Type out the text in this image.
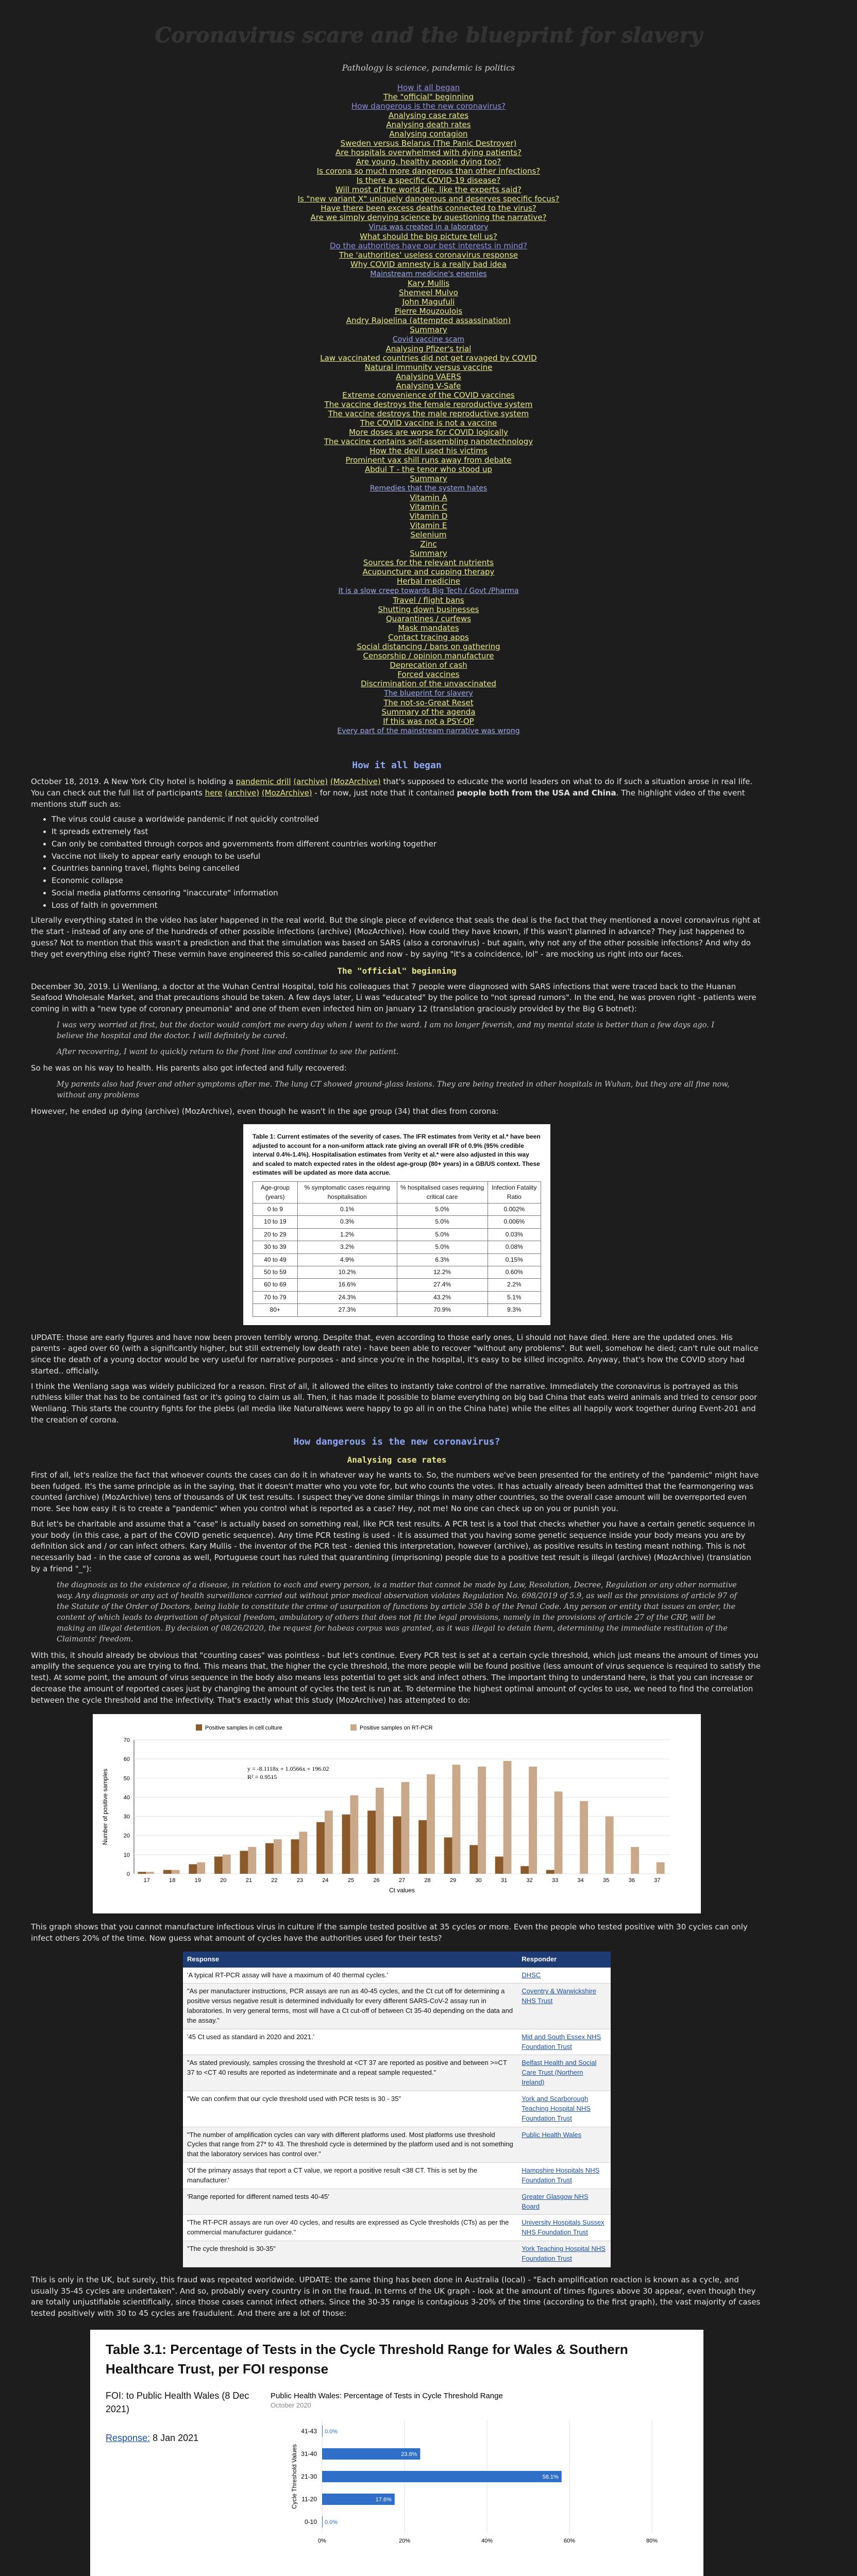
Coronavirus scare and the blueprint for slavery
Pathology is science, pandemic is politics
How it all began
The "official" beginning
How dangerous is the new coronavirus?
Analysing case rates
Analysing death rates
Analysing contagion
Sweden versus Belarus (The Panic Destroyer)
Are hospitals overwhelmed with dying patients?
Are young, healthy people dying too?
Is corona so much more dangerous than other infections?
Is there a specific COVID-19 disease?
Will most of the world die, like the experts said?
Is "new variant X" uniquely dangerous and deserves specific focus?
Have there been excess deaths connected to the virus?
Are we simply denying science by questioning the narrative?
Virus was created in a laboratory
What should the big picture tell us?
Do the authorities have our best interests in mind?
The 'authorities' useless coronavirus response
Why COVID amnesty is a really bad idea
Mainstream medicine's enemies
Kary Mullis
Shemeel Mulvo
John Magufuli
Pierre Mouzoulois
Andry Rajoelina (attempted assassination)
Summary
Covid vaccine scam
Analysing Pfizer's trial
Law vaccinated countries did not get ravaged by COVID
Natural immunity versus vaccine
Analysing VAERS
Analysing V-Safe
Extreme convenience of the COVID vaccines
The vaccine destroys the female reproductive system
The vaccine destroys the male reproductive system
The COVID vaccine is not a vaccine
More doses are worse for COVID logically
The vaccine contains self-assembling nanotechnology
How the devil used his victims
Prominent vax shill runs away from debate
Abdul T - the tenor who stood up
Summary
Remedies that the system hates
Vitamin A
Vitamin C
Vitamin D
Vitamin E
Selenium
Zinc
Summary
Sources for the relevant nutrients
Acupuncture and cupping therapy
Herbal medicine
It is a slow creep towards Big Tech / Govt /Pharma
Travel / flight bans
Shutting down businesses
Quarantines / curfews
Mask mandates
Contact tracing apps
Social distancing / bans on gathering
Censorship / opinion manufacture
Deprecation of cash
Forced vaccines
Discrimination of the unvaccinated
The blueprint for slavery
The not-so-Great Reset
Summary of the agenda
If this was not a PSY-OP
Every part of the mainstream narrative was wrong
How it all began

October 18, 2019. A New York City hotel is holding a pandemic drill (archive) (MozArchive) that's supposed to educate the world leaders on what to do if such a situation arose in real life. You can check out the full list of participants here (archive) (MozArchive) - for now, just note that it contained people both from the USA and China. The highlight video of the event mentions stuff such as:

• The virus could cause a worldwide pandemic if not quickly controlled
• It spreads extremely fast
• Can only be combatted through corpos and governments from different countries working together
• Vaccine not likely to appear early enough to be useful
• Countries banning travel, flights being cancelled
• Economic collapse
• Social media platforms censoring "inaccurate" information
• Loss of faith in government

Literally everything stated in the video has later happened in the real world. But the single piece of evidence that seals the deal is the fact that they mentioned a novel coronavirus right at the start - instead of any one of the hundreds of other possible infections (archive) (MozArchive). How could they have known, if this wasn't planned in advance? They just happened to guess? Not to mention that this wasn't a prediction and that the simulation was based on SARS (also a coronavirus) - but again, why not any of the other possible infections? And why do they get everything else right? These vermin have engineered this so-called pandemic and now - by saying "it's a coincidence, lol" - are mocking us right into our faces.

The "official" beginning

December 30, 2019. Li Wenliang, a doctor at the Wuhan Central Hospital, told his colleagues that 7 people were diagnosed with SARS infections that were traced back to the Huanan Seafood Wholesale Market, and that precautions should be taken. A few days later, Li was "educated" by the police to "not spread rumors". In the end, he was proven right - patients were coming in with a "new type of coronary pneumonia" and one of them even infected him on January 12 (translation graciously provided by the Big G botnet):

I was very worried at first, but the doctor would comfort me every day when I went to the ward. I am no longer feverish, and my mental state is better than a few days ago. I believe the hospital and the doctor. I will definitely be cured.
After recovering, I want to quickly return to the front line and continue to see the patient.

So he was on his way to health. His parents also got infected and fully recovered:

My parents also had fever and other symptoms after me. The lung CT showed ground-glass lesions. They are being treated in other hospitals in Wuhan, but they are all fine now, without any problems

However, he ended up dying (archive) (MozArchive), even though he wasn't in the age group (34) that dies from corona:

Table 1: Current estimates of the severity of cases. The IFR estimates from Verity et al.* have been adjusted to account for a non-uniform attack rate giving an overall IFR of 0.9% (95% credible interval 0.4%-1.4%). Hospitalisation estimates from Verity et al.* were also adjusted in this way and scaled to match expected rates in the oldest age-group (80+ years) in a GB/US context. These estimates will be updated as more data accrue.
Age-group (years)	% symptomatic cases requiring hospitalisation	% hospitalised cases requiring critical care	Infection Fatality Ratio
0 to 9	0.1%	5.0%	0.002%
10 to 19	0.3%	5.0%	0.006%
20 to 29	1.2%	5.0%	0.03%
30 to 39	3.2%	5.0%	0.08%
40 to 49	4.9%	6.3%	0.15%
50 to 59	10.2%	12.2%	0.60%
60 to 69	16.6%	27.4%	2.2%
70 to 79	24.3%	43.2%	5.1%
80+	27.3%	70.9%	9.3%

UPDATE: those are early figures and have now been proven terribly wrong. Despite that, even according to those early ones, Li should not have died. Here are the updated ones. His parents - aged over 60 (with a significantly higher, but still extremely low death rate) - have been able to recover "without any problems". But well, somehow he died; can't rule out malice since the death of a young doctor would be very useful for narrative purposes - and since you're in the hospital, it's easy to be killed incognito. Anyway, that's how the COVID story had started.. officially.

I think the Wenliang saga was widely publicized for a reason. First of all, it allowed the elites to instantly take control of the narrative. Immediately the coronavirus is portrayed as this ruthless killer that has to be contained fast or it's going to claim us all. Then, it has made it possible to blame everything on big bad China that eats weird animals and tried to censor poor Wenliang. This starts the country fights for the plebs (all media like NaturalNews were happy to go all in on the China hate) while the elites all happily work together during Event-201 and the creation of corona.

How dangerous is the new coronavirus?
Analysing case rates

First of all, let's realize the fact that whoever counts the cases can do it in whatever way he wants to. So, the numbers we've been presented for the entirety of the "pandemic" might have been fudged. It's the same principle as in the saying, that it doesn't matter who you vote for, but who counts the votes. It has actually already been admitted that the fearmongering was counted (archive) (MozArchive) tens of thousands of UK test results. I suspect they've done similar things in many other countries, so the overall case amount will be overreported even more. See how easy it is to create a "pandemic" when you control what is reported as a case? Hey, not me! No one can check up on you or punish you.

But let's be charitable and assume that a "case" is actually based on something real, like PCR test results. A PCR test is a tool that checks whether you have a certain genetic sequence in your body (in this case, a part of the COVID genetic sequence). Any time PCR testing is used - it is assumed that you having some genetic sequence inside your body means you are by definition sick and / or can infect others. Kary Mullis - the inventor of the PCR test - denied this interpretation, however (archive), as positive results in testing meant nothing. This is not necessarily bad - in the case of corona as well, Portuguese court has ruled that quarantining (imprisoning) people due to a positive test result is illegal (archive) (MozArchive) (translation by a friend "_"):

the diagnosis as to the existence of a disease, in relation to each and every person, is a matter that cannot be made by Law, Resolution, Decree, Regulation or any other normative way. Any diagnosis or any act of health surveillance carried out without prior medical observation violates Regulation No. 698/2019 of 5.9, as well as the provisions of article 97 of the Statute of the Order of Doctors, being liable to constitute the crime of usurpation of functions by article 358 b of the Penal Code. Any person or entity that issues an order, the content of which leads to deprivation of physical freedom, ambulatory of others that does not fit the legal provisions, namely in the provisions of article 27 of the CRP, will be making an illegal detention. By decision of 08/26/2020, the request for habeas corpus was granted, as it was illegal to detain them, determining the immediate restitution of the Claimants' freedom.

With this, it should already be obvious that "counting cases" was pointless - but let's continue. Every PCR test is set at a certain cycle threshold, which just means the amount of times you amplify the sequence you are trying to find. This means that, the higher the cycle threshold, the more people will be found positive (less amount of virus sequence is required to satisfy the test). At some point, the amount of virus sequence in the body also means less potential to get sick and infect others. The important thing to understand here, is that you can increase or decrease the amount of reported cases just by changing the amount of cycles the test is run at. To determine the highest optimal amount of cycles to use, we need to find the correlation between the cycle threshold and the infectivity. That's exactly what this study (MozArchive) has attempted to do:

0
10
20
30
40
50
60
70
17	18	19	20	21	22	23	24	25	26	27	28	29	30	31	32	33	34	35	36	37
Ct values
Number of positive samples
Positive samples in cell culture	Positive samples on RT-PCR
y = -8.1118x + 1.0566x + 196.02
R² = 0.9515

This graph shows that you cannot manufacture infectious virus in culture if the sample tested positive at 35 cycles or more. Even the people who tested positive with 30 cycles can only infect others 20% of the time. Now guess what amount of cycles have the authorities used for their tests?

Response	Responder
'A typical RT-PCR assay will have a maximum of 40 thermal cycles.'	DHSC
"As per manufacturer instructions, PCR assays are run as 40-45 cycles, and the Ct cut off for determining a positive versus negative result is determined individually for every different SARS-CoV-2 assay run in laboratories. In very general terms, most will have a Ct cut-off of between Ct 35-40 depending on the data and the assay."	Coventry & Warwickshire NHS Trust
'45 Ct used as standard in 2020 and 2021.'	Mid and South Essex NHS Foundation Trust
"As stated previously, samples crossing the threshold at <CT 37 are reported as positive and between >=CT 37 to <CT 40 results are reported as indeterminate and a repeat sample requested."	Belfast Health and Social Care Trust (Northern Ireland)
"We can confirm that our cycle threshold used with PCR tests is 30 - 35"	York and Scarborough Teaching Hospital NHS Foundation Trust
"The number of amplification cycles can vary with different platforms used. Most platforms use threshold Cycles that range from 27* to 43. The threshold cycle is determined by the platform used and is not something that the laboratory services has control over."	Public Health Wales
'Of the primary assays that report a CT value, we report a positive result <38 CT. This is set by the manufacturer.'	Hampshire Hospitals NHS Foundation Trust
'Range reported for different named tests 40-45'	Greater Glasgow NHS Board
"The RT-PCR assays are run over 40 cycles, and results are expressed as Cycle thresholds (CTs) as per the commercial manufacturer guidance."	University Hospitals Sussex NHS Foundation Trust
"The cycle threshold is 30-35"	York Teaching Hospital NHS Foundation Trust

This is only in the UK, but surely, this fraud was repeated worldwide. UPDATE: the same thing has been done in Australia (local) - "Each amplification reaction is known as a cycle, and usually 35-45 cycles are undertaken". And so, probably every country is in on the fraud. In terms of the UK graph - look at the amount of times figures above 30 appear, even though they are totally unjustifiable scientifically, since those cases cannot infect others. Since the 30-35 range is contagious 3-20% of the time (according to the first graph), the vast majority of cases tested positively with 30 to 45 cycles are fraudulent. And there are a lot of those:

Table 3.1: Percentage of Tests in the Cycle Threshold Range for Wales & Southern Healthcare Trust, per FOI response
FOI: to Public Health Wales (8 Dec 2021)
Response: 8 Jan 2021
Public Health Wales: Percentage of Tests in Cycle Threshold Range
October 2020
0%	20%	40%	60%	80%
41-43 0.0%
31-40	23.8%
21-30	58.1%
11-20	17.6%
0-10 0.0%
Cycle Threshold Values
